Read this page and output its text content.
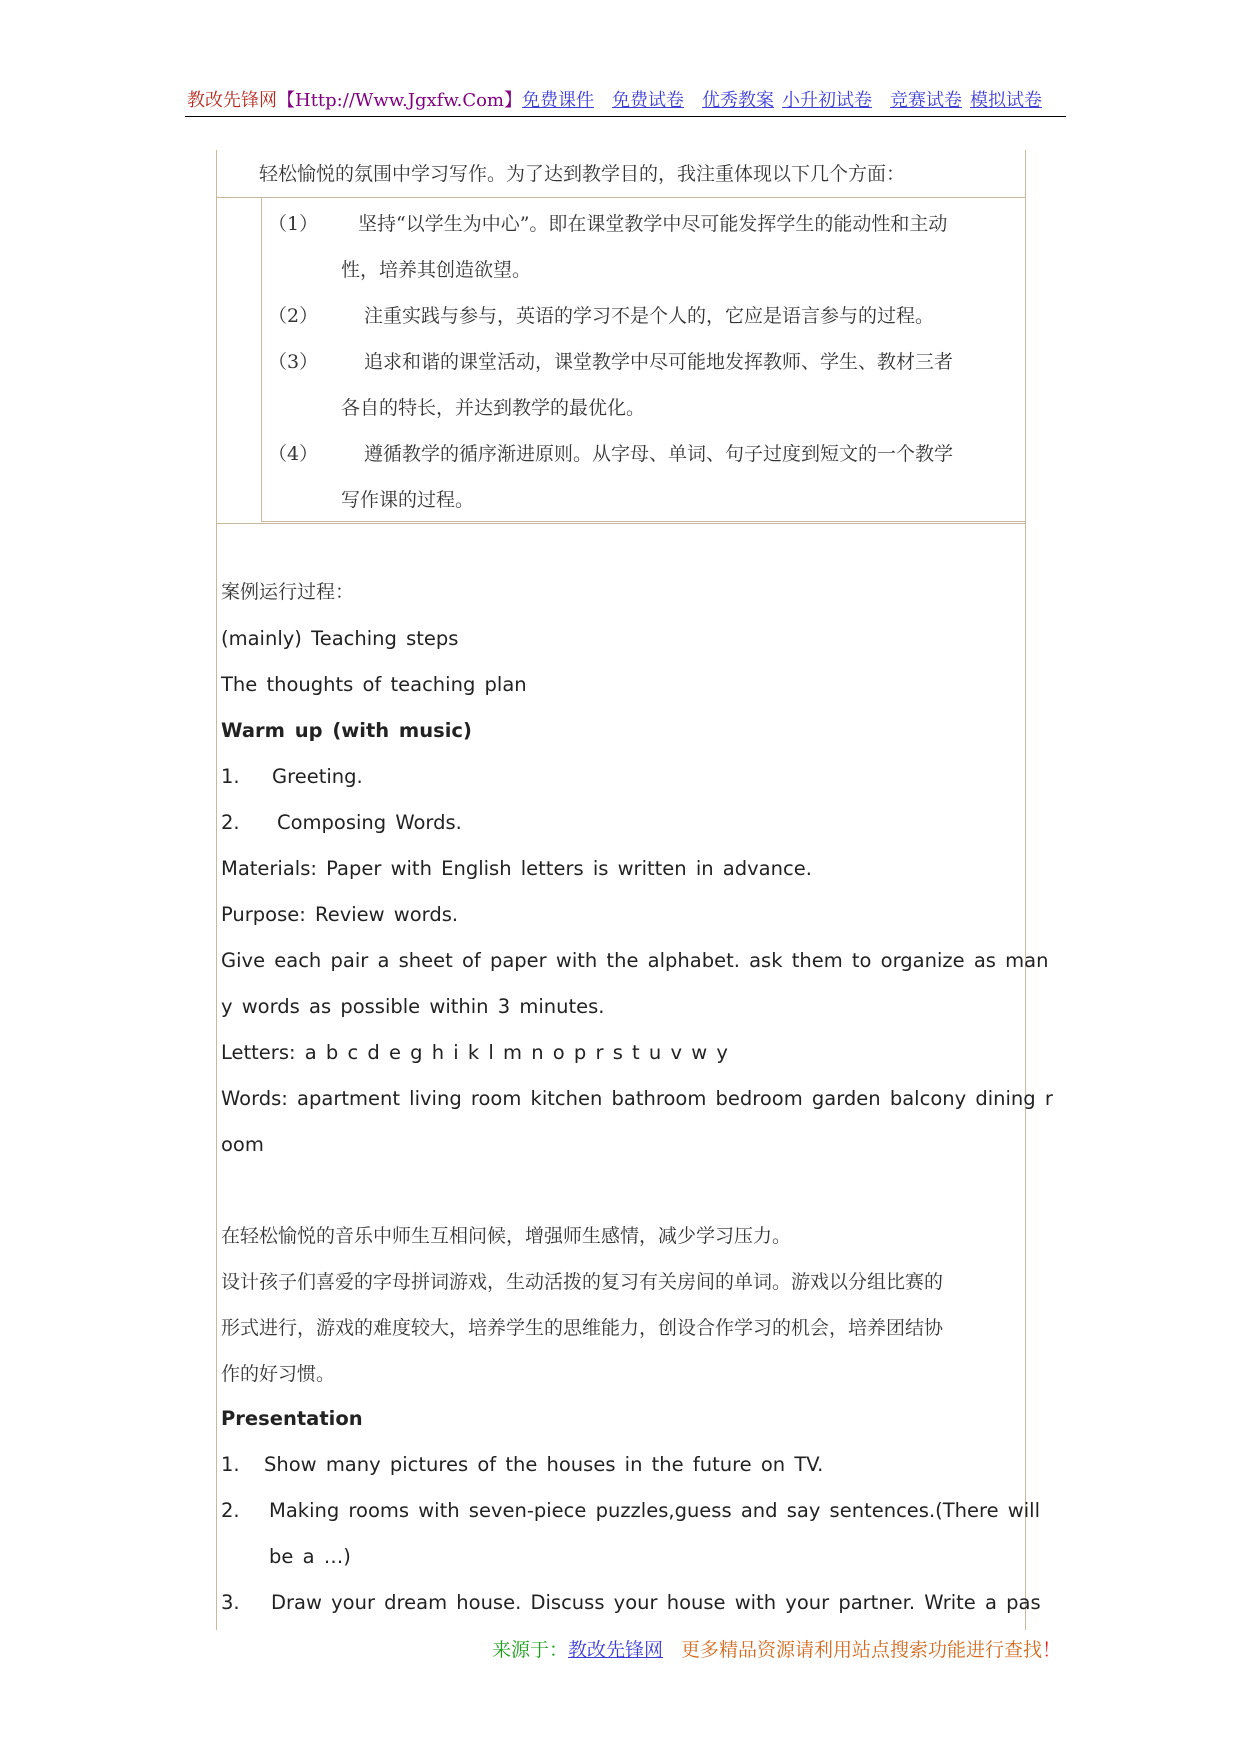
教改先锋网【Http://Www.Jgxfw.Com】免费课件 免费试卷 优秀教案 小升初试卷 竞赛试卷 模拟试卷
轻松愉悦的氛围中学习写作。为了达到教学目的，我注重体现以下几个方面：
（1） 坚持“以学生为中心”。即在课堂教学中尽可能发挥学生的能动性和主动
性，培养其创造欲望。
（2） 注重实践与参与，英语的学习不是个人的，它应是语言参与的过程。
（3） 追求和谐的课堂活动，课堂教学中尽可能地发挥教师、学生、教材三者
各自的特长，并达到教学的最优化。
（4） 遵循教学的循序渐进原则。从字母、单词、句子过度到短文的一个教学
写作课的过程。
案例运行过程：
(mainly) Teaching steps
The thoughts of teaching plan
Warm up (with music)
1. Greeting.
2. Composing Words.
Materials: Paper with English letters is written in advance.
Purpose: Review words.
Give each pair a sheet of paper with the alphabet. ask them to organize as man
y words as possible within 3 minutes.
Letters: a b c d e g h i k l m n o p r s t u v w y
Words: apartment living room kitchen bathroom bedroom garden balcony dining r
oom
在轻松愉悦的音乐中师生互相问候，增强师生感情，减少学习压力。
设计孩子们喜爱的字母拼词游戏，生动活拨的复习有关房间的单词。游戏以分组比赛的
形式进行，游戏的难度较大，培养学生的思维能力，创设合作学习的机会，培养团结协
作的好习惯。
Presentation
1. Show many pictures of the houses in the future on TV.
2. Making rooms with seven-piece puzzles,guess and say sentences.(There will
be a …)
3. Draw your dream house. Discuss your house with your partner. Write a pas
来源于：教改先锋网 更多精品资源请利用站点搜索功能进行查找！
